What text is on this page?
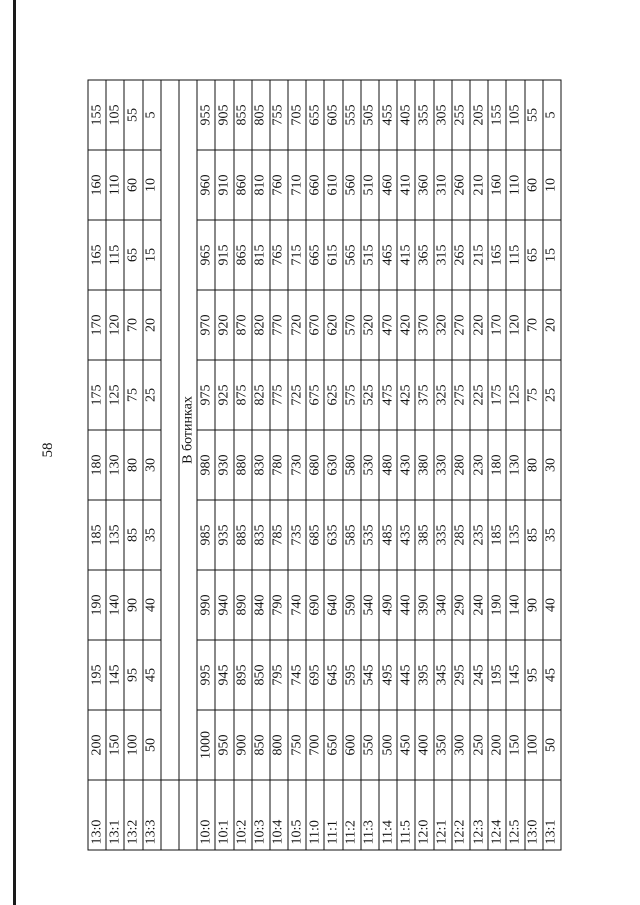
58
13:0	200	195	190	185	180	175	170	165	160	155
13:1	150	145	140	135	130	125	120	115	110	105
13:2	100	95	90	85	80	75	70	65	60	55
13:3	50	45	40	35	30	25	20	15	10	5

	В ботинках									
10:0	1000	995	990	985	980	975	970	965	960	955
10:1	950	945	940	935	930	925	920	915	910	905
10:2	900	895	890	885	880	875	870	865	860	855
10:3	850	850	840	835	830	825	820	815	810	805
10:4	800	795	790	785	780	775	770	765	760	755
10:5	750	745	740	735	730	725	720	715	710	705
11:0	700	695	690	685	680	675	670	665	660	655
11:1	650	645	640	635	630	625	620	615	610	605
11:2	600	595	590	585	580	575	570	565	560	555
11:3	550	545	540	535	530	525	520	515	510	505
11:4	500	495	490	485	480	475	470	465	460	455
11:5	450	445	440	435	430	425	420	415	410	405
12:0	400	395	390	385	380	375	370	365	360	355
12:1	350	345	340	335	330	325	320	315	310	305
12:2	300	295	290	285	280	275	270	265	260	255
12:3	250	245	240	235	230	225	220	215	210	205
12:4	200	195	190	185	180	175	170	165	160	155
12:5	150	145	140	135	130	125	120	115	110	105
13:0	100	95	90	85	80	75	70	65	60	55
13:1	50	45	40	35	30	25	20	15	10	5
